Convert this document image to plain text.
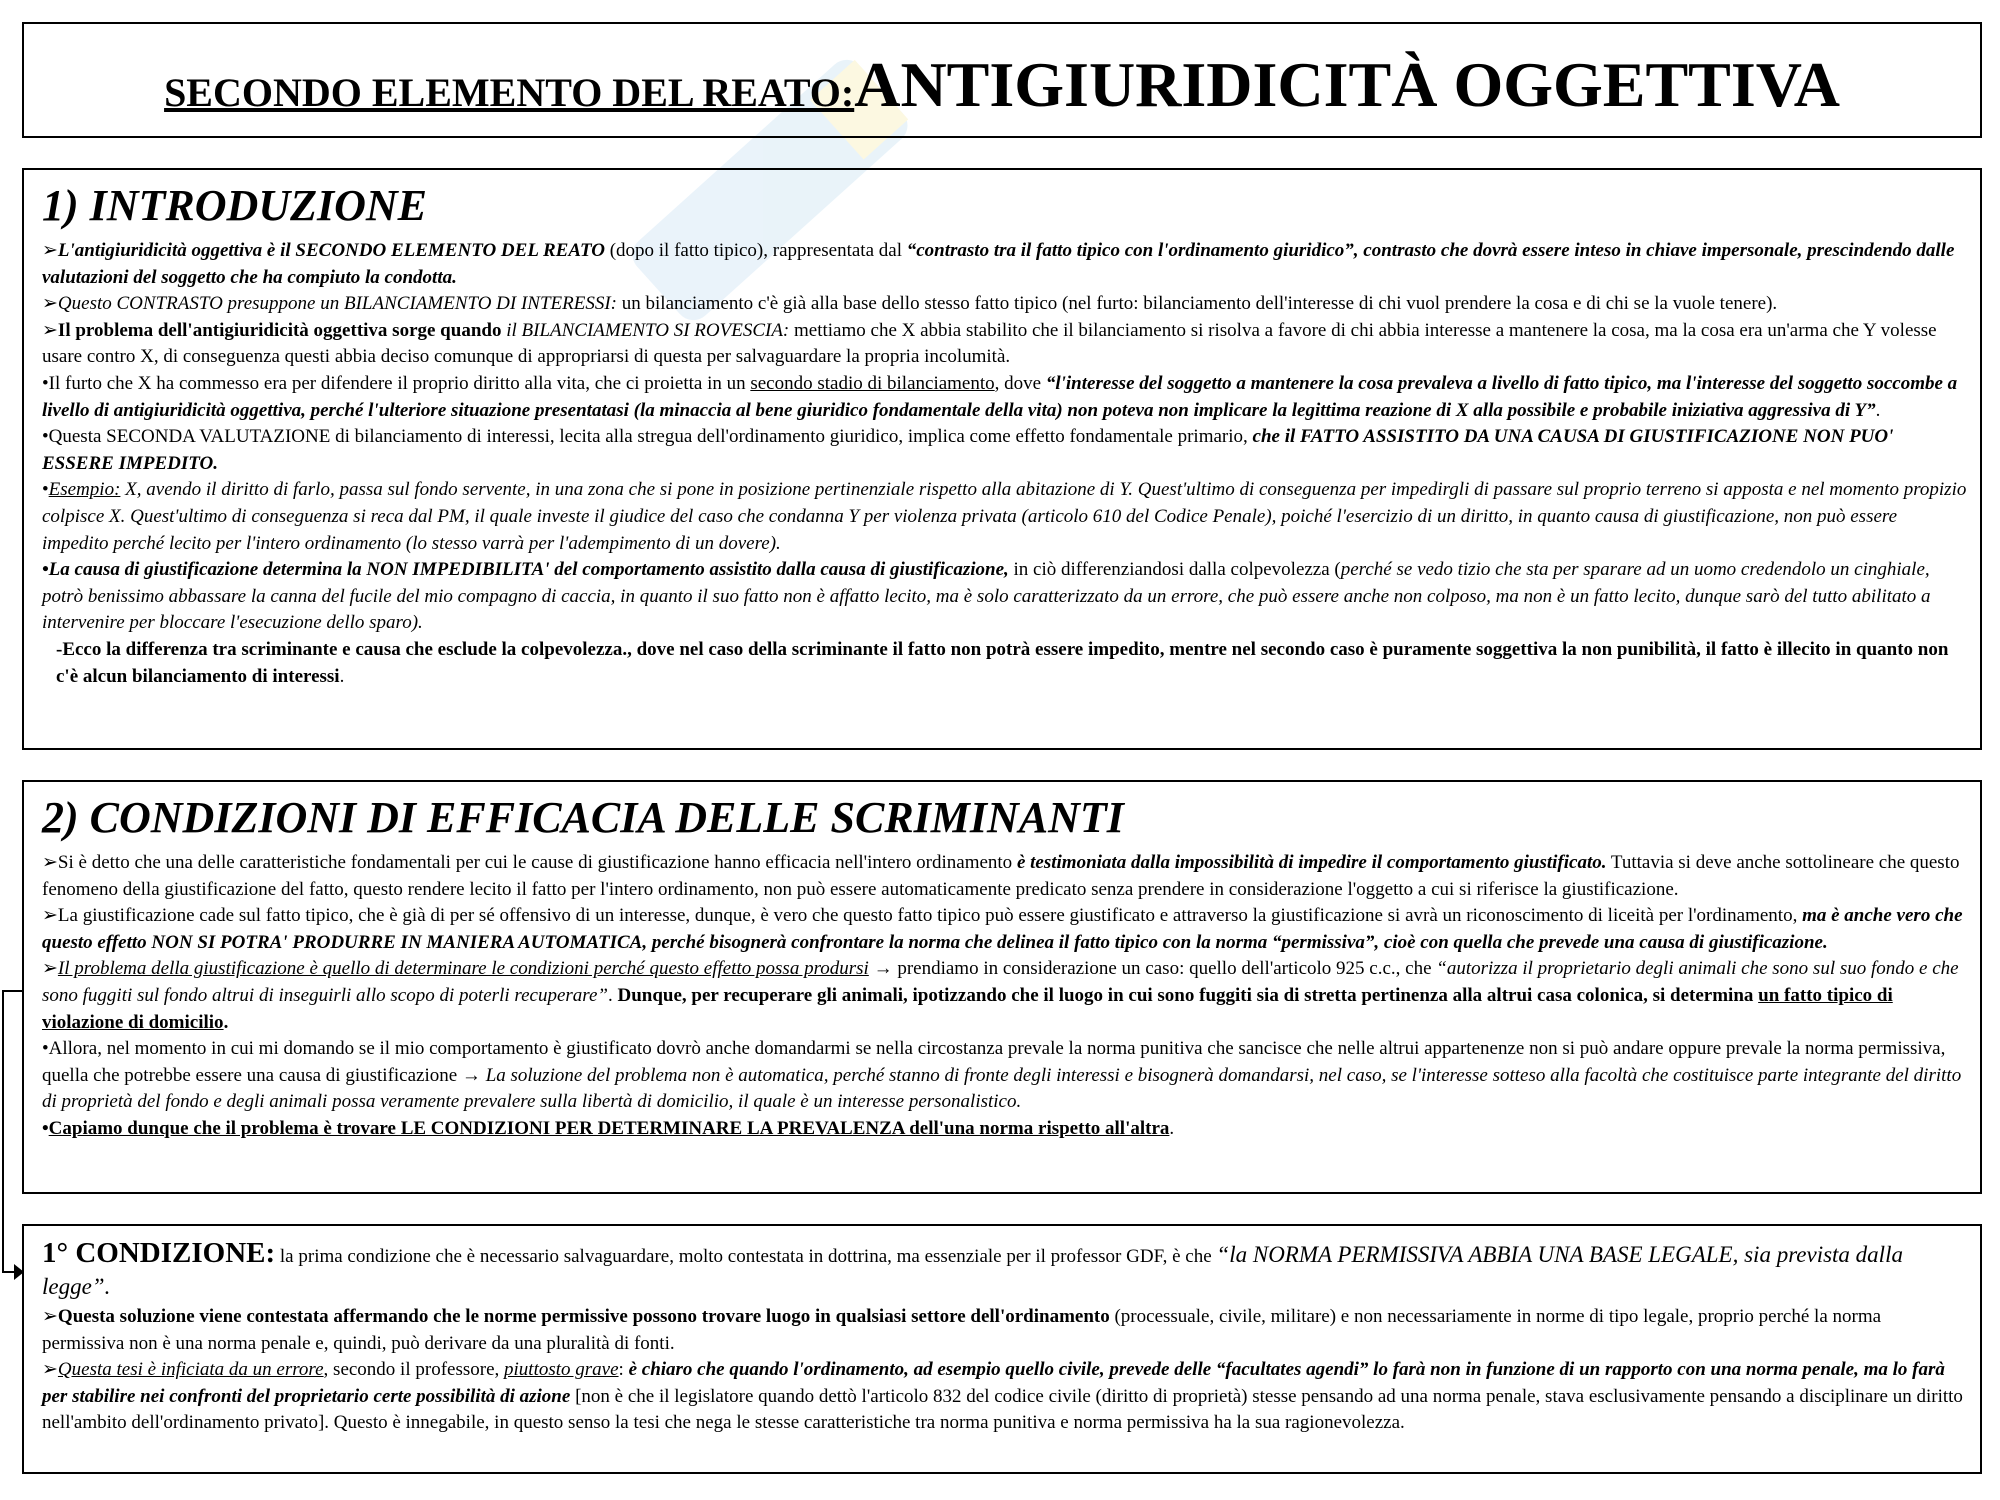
SECONDO ELEMENTO DEL REATO:ANTIGIURIDICITÀ OGGETTIVA
1) INTRODUZIONE

➢L'antigiuridicità oggettiva è il SECONDO ELEMENTO DEL REATO (dopo il fatto tipico), rappresentata dal “contrasto tra il fatto tipico con l'ordinamento giuridico”, contrasto che dovrà essere inteso in chiave impersonale, prescindendo dalle valutazioni del soggetto che ha compiuto la condotta.

➢Questo CONTRASTO presuppone un BILANCIAMENTO DI INTERESSI: un bilanciamento c'è già alla base dello stesso fatto tipico (nel furto: bilanciamento dell'interesse di chi vuol prendere la cosa e di chi se la vuole tenere).

➢Il problema dell'antigiuridicità oggettiva sorge quando il BILANCIAMENTO SI ROVESCIA: mettiamo che X abbia stabilito che il bilanciamento si risolva a favore di chi abbia interesse a mantenere la cosa, ma la cosa era un'arma che Y volesse usare contro X, di conseguenza questi abbia deciso comunque di appropriarsi di questa per salvaguardare la propria incolumità.

•Il furto che X ha commesso era per difendere il proprio diritto alla vita, che ci proietta in un secondo stadio di bilanciamento, dove “l'interesse del soggetto a mantenere la cosa prevaleva a livello di fatto tipico, ma l'interesse del soggetto soccombe a livello di antigiuridicità oggettiva, perché l'ulteriore situazione presentatasi (la minaccia al bene giuridico fondamentale della vita) non poteva non implicare la legittima reazione di X alla possibile e probabile iniziativa aggressiva di Y”.

•Questa SECONDA VALUTAZIONE di bilanciamento di interessi, lecita alla stregua dell'ordinamento giuridico, implica come effetto fondamentale primario, che il FATTO ASSISTITO DA UNA CAUSA DI GIUSTIFICAZIONE NON PUO' ESSERE IMPEDITO.

•Esempio: X, avendo il diritto di farlo, passa sul fondo servente, in una zona che si pone in posizione pertinenziale rispetto alla abitazione di Y. Quest'ultimo di conseguenza per impedirgli di passare sul proprio terreno si apposta e nel momento propizio colpisce X. Quest'ultimo di conseguenza si reca dal PM, il quale investe il giudice del caso che condanna Y per violenza privata (articolo 610 del Codice Penale), poiché l'esercizio di un diritto, in quanto causa di giustificazione, non può essere impedito perché lecito per l'intero ordinamento (lo stesso varrà per l'adempimento di un dovere).

•La causa di giustificazione determina la NON IMPEDIBILITA' del comportamento assistito dalla causa di giustificazione, in ciò differenziandosi dalla colpevolezza (perché se vedo tizio che sta per sparare ad un uomo credendolo un cinghiale, potrò benissimo abbassare la canna del fucile del mio compagno di caccia, in quanto il suo fatto non è affatto lecito, ma è solo caratterizzato da un errore, che può essere anche non colposo, ma non è un fatto lecito, dunque sarò del tutto abilitato a intervenire per bloccare l'esecuzione dello sparo).

-Ecco la differenza tra scriminante e causa che esclude la colpevolezza., dove nel caso della scriminante il fatto non potrà essere impedito, mentre nel secondo caso è puramente soggettiva la non punibilità, il fatto è illecito in quanto non c'è alcun bilanciamento di interessi.

2) CONDIZIONI DI EFFICACIA DELLE SCRIMINANTI

➢Si è detto che una delle caratteristiche fondamentali per cui le cause di giustificazione hanno efficacia nell'intero ordinamento è testimoniata dalla impossibilità di impedire il comportamento giustificato. Tuttavia si deve anche sottolineare che questo fenomeno della giustificazione del fatto, questo rendere lecito il fatto per l'intero ordinamento, non può essere automaticamente predicato senza prendere in considerazione l'oggetto a cui si riferisce la giustificazione.

➢La giustificazione cade sul fatto tipico, che è già di per sé offensivo di un interesse, dunque, è vero che questo fatto tipico può essere giustificato e attraverso la giustificazione si avrà un riconoscimento di liceità per l'ordinamento, ma è anche vero che questo effetto NON SI POTRA' PRODURRE IN MANIERA AUTOMATICA, perché bisognerà confrontare la norma che delinea il fatto tipico con la norma “permissiva”, cioè con quella che prevede una causa di giustificazione.

➢Il problema della giustificazione è quello di determinare le condizioni perché questo effetto possa prodursi → prendiamo in considerazione un caso: quello dell'articolo 925 c.c., che “autorizza il proprietario degli animali che sono sul suo fondo e che sono fuggiti sul fondo altrui di inseguirli allo scopo di poterli recuperare”. Dunque, per recuperare gli animali, ipotizzando che il luogo in cui sono fuggiti sia di stretta pertinenza alla altrui casa colonica, si determina un fatto tipico di violazione di domicilio.

•Allora, nel momento in cui mi domando se il mio comportamento è giustificato dovrò anche domandarmi se nella circostanza prevale la norma punitiva che sancisce che nelle altrui appartenenze non si può andare oppure prevale la norma permissiva, quella che potrebbe essere una causa di giustificazione → La soluzione del problema non è automatica, perché stanno di fronte degli interessi e bisognerà domandarsi, nel caso, se l'interesse sotteso alla facoltà che costituisce parte integrante del diritto di proprietà del fondo e degli animali possa veramente prevalere sulla libertà di domicilio, il quale è un interesse personalistico.

•Capiamo dunque che il problema è trovare LE CONDIZIONI PER DETERMINARE LA PREVALENZA dell'una norma rispetto all'altra.

1° CONDIZIONE: la prima condizione che è necessario salvaguardare, molto contestata in dottrina, ma essenziale per il professor GDF, è che “la NORMA PERMISSIVA ABBIA UNA BASE LEGALE, sia prevista dalla legge”.

➢Questa soluzione viene contestata affermando che le norme permissive possono trovare luogo in qualsiasi settore dell'ordinamento (processuale, civile, militare) e non necessariamente in norme di tipo legale, proprio perché la norma permissiva non è una norma penale e, quindi, può derivare da una pluralità di fonti.

➢Questa tesi è inficiata da un errore, secondo il professore, piuttosto grave: è chiaro che quando l'ordinamento, ad esempio quello civile, prevede delle “facultates agendi” lo farà non in funzione di un rapporto con una norma penale, ma lo farà per stabilire nei confronti del proprietario certe possibilità di azione [non è che il legislatore quando dettò l'articolo 832 del codice civile (diritto di proprietà) stesse pensando ad una norma penale, stava esclusivamente pensando a disciplinare un diritto nell'ambito dell'ordinamento privato]. Questo è innegabile, in questo senso la tesi che nega le stesse caratteristiche tra norma punitiva e norma permissiva ha la sua ragionevolezza.
